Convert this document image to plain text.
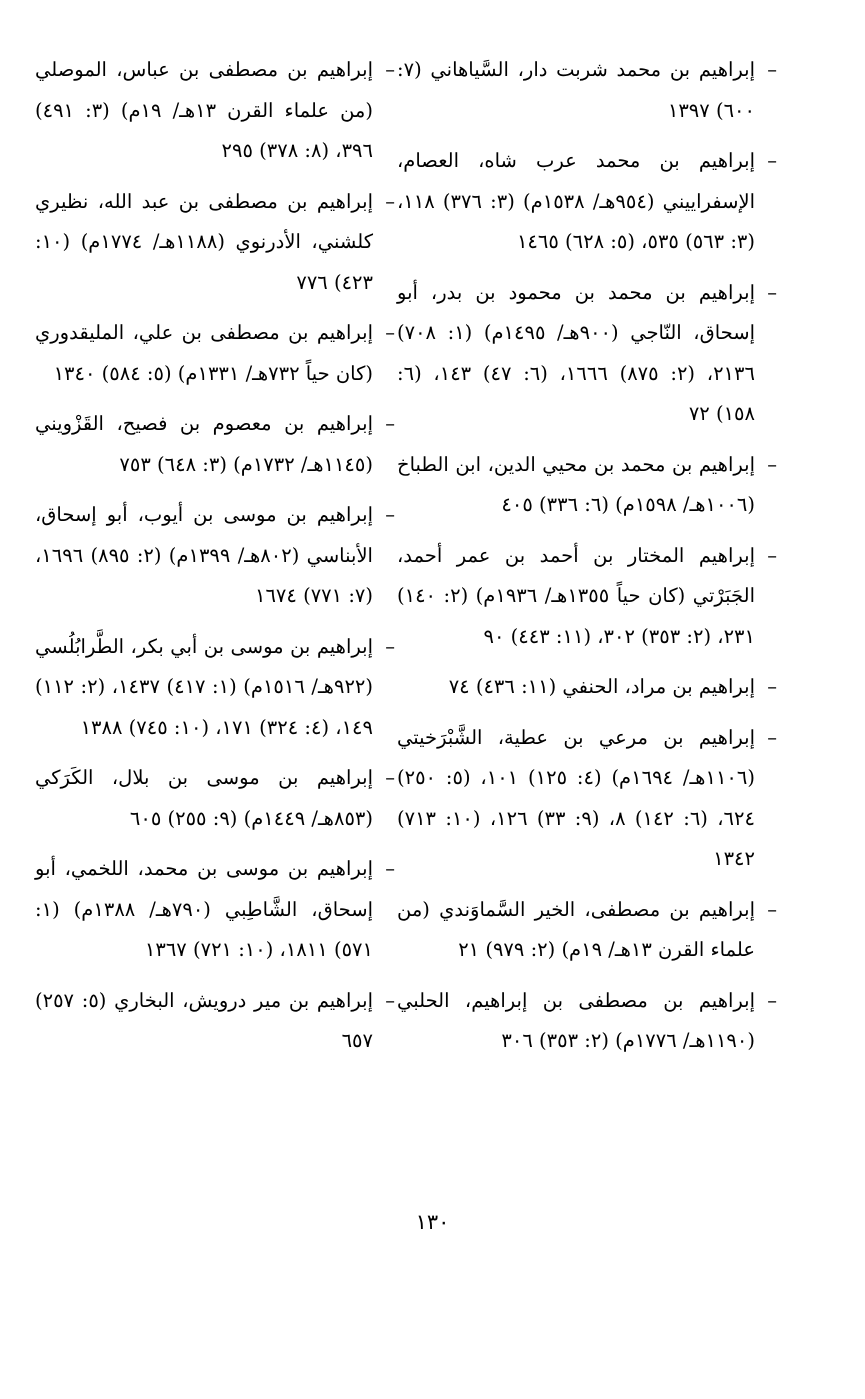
–
إبراهيم بن محمد شربت دار، السَّياهاني (٧: ٦٠٠) ١٣٩٧
–
إبراهيم بن محمد عرب شاه، العصام، الإسفراييني (٩٥٤هـ/ ١٥٣٨م) (٣: ٣٧٦) ١١٨، (٣: ٥٦٣) ٥٣٥، (٥: ٦٢٨) ١٤٦٥
–
إبراهيم بن محمد بن محمود بن بدر، أبو إسحاق، النّاجي (٩٠٠هـ/ ١٤٩٥م) (١: ٧٠٨) ٢١٣٦، (٢: ٨٧٥) ١٦٦٦، (٦: ٤٧) ١٤٣، (٦: ١٥٨) ٧٢
–
إبراهيم بن محمد بن محيي الدين، ابن الطباخ (١٠٠٦هـ/ ١٥٩٨م) (٦: ٣٣٦) ٤٠٥
–
إبراهيم المختار بن أحمد بن عمر أحمد، الجَبَرْتي (كان حياً ١٣٥٥هـ/ ١٩٣٦م) (٢: ١٤٠) ٢٣١، (٢: ٣٥٣) ٣٠٢، (١١: ٤٤٣) ٩٠
–
إبراهيم بن مراد، الحنفي (١١: ٤٣٦) ٧٤
–
إبراهيم بن مرعي بن عطية، الشَّبْرَخيتي (١١٠٦هـ/ ١٦٩٤م) (٤: ١٢٥) ١٠١، (٥: ٢٥٠) ٦٢٤، (٦: ١٤٢) ٨، (٩: ٣٣) ١٢٦، (١٠: ٧١٣) ١٣٤٢
–
إبراهيم بن مصطفى، الخير السَّماوَندي (من علماء القرن ١٣هـ/ ١٩م) (٢: ٩٧٩) ٢١
–
إبراهيم بن مصطفى بن إبراهيم، الحلبي (١١٩٠هـ/ ١٧٧٦م) (٢: ٣٥٣) ٣٠٦
–
إبراهيم بن مصطفى بن عباس، الموصلي (من علماء القرن ١٣هـ/ ١٩م) (٣: ٤٩١) ٣٩٦، (٨: ٣٧٨) ٢٩٥
–
إبراهيم بن مصطفى بن عبد الله، نظيري كلشني، الأدرنوي (١١٨٨هـ/ ١٧٧٤م) (١٠: ٤٢٣) ٧٧٦
–
إبراهيم بن مصطفى بن علي، المليقدوري (كان حياً ٧٣٢هـ/ ١٣٣١م) (٥: ٥٨٤) ١٣٤٠
–
إبراهيم بن معصوم بن فصيح، القَزْويني (١١٤٥هـ/ ١٧٣٢م) (٣: ٦٤٨) ٧٥٣
–
إبراهيم بن موسى بن أيوب، أبو إسحاق، الأبناسي (٨٠٢هـ/ ١٣٩٩م) (٢: ٨٩٥) ١٦٩٦، (٧: ٧٧١) ١٦٧٤
–
إبراهيم بن موسى بن أبي بكر، الطَّرابُلُسي (٩٢٢هـ/ ١٥١٦م) (١: ٤١٧) ١٤٣٧، (٢: ١١٢) ١٤٩، (٤: ٣٢٤) ١٧١، (١٠: ٧٤٥) ١٣٨٨
–
إبراهيم بن موسى بن بلال، الكَرَكي (٨٥٣هـ/ ١٤٤٩م) (٩: ٢٥٥) ٦٠٥
–
إبراهيم بن موسى بن محمد، اللخمي، أبو إسحاق، الشَّاطِبي (٧٩٠هـ/ ١٣٨٨م) (١: ٥٧١) ١٨١١، (١٠: ٧٢١) ١٣٦٧
–
إبراهيم بن مير درويش، البخاري (٥: ٢٥٧) ٦٥٧
١٣٠
